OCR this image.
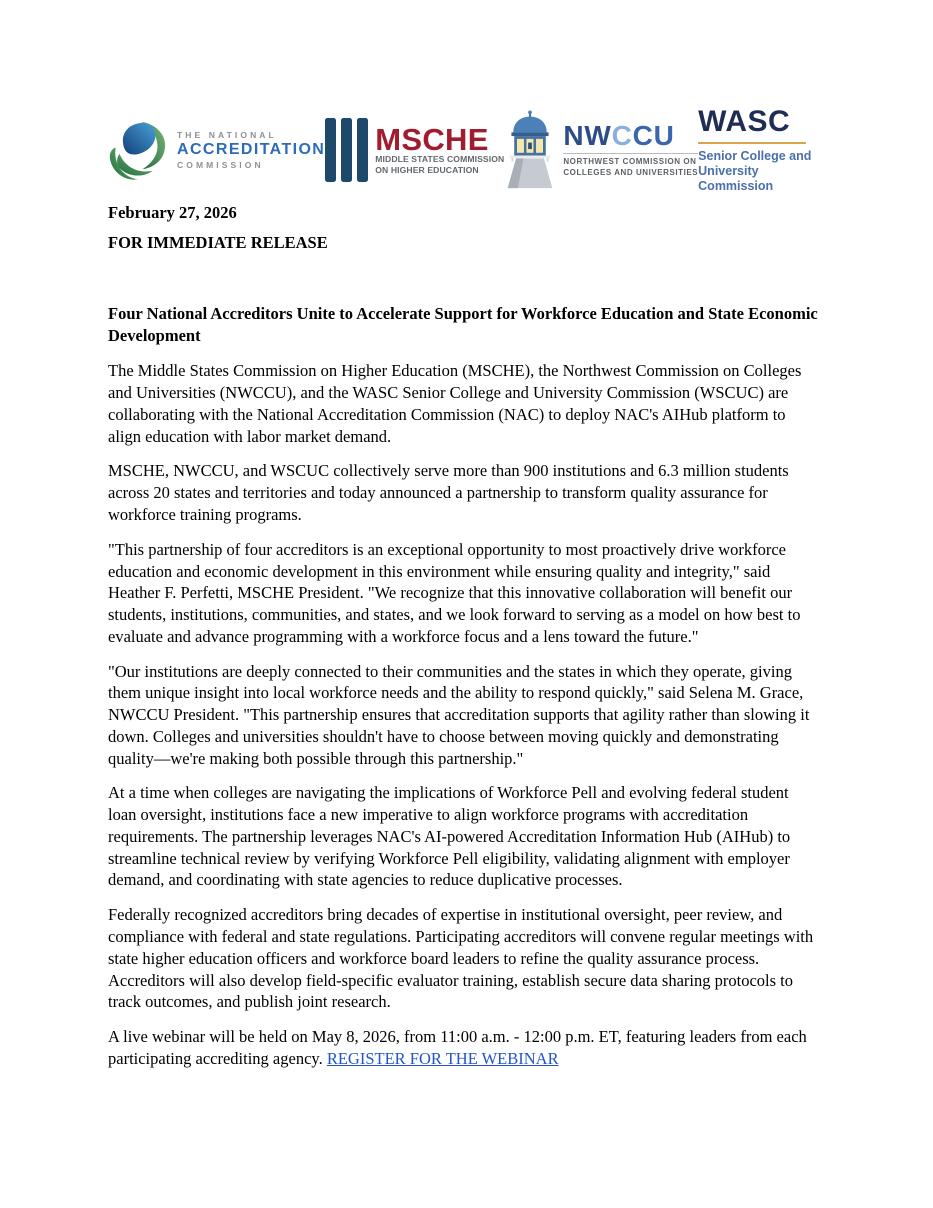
THE NATIONAL
ACCREDITATION
COMMISSION
MSCHE
MIDDLE STATES COMMISSION
ON HIGHER EDUCATION
NWCCU
NORTHWEST COMMISSION ON
COLLEGES AND UNIVERSITIES
WASC
Senior College and
University Commission
February 27, 2026
FOR IMMEDIATE RELEASE
Four National Accreditors Unite to Accelerate Support for Workforce Education and State Economic Development

The Middle States Commission on Higher Education (MSCHE), the Northwest Commission on Colleges and Universities (NWCCU), and the WASC Senior College and University Commission (WSCUC) are collaborating with the National Accreditation Commission (NAC) to deploy NAC's AIHub platform to align education with labor market demand.

MSCHE, NWCCU, and WSCUC collectively serve more than 900 institutions and 6.3 million students across 20 states and territories and today announced a partnership to transform quality assurance for workforce training programs.

"This partnership of four accreditors is an exceptional opportunity to most proactively drive workforce education and economic development in this environment while ensuring quality and integrity," said Heather F. Perfetti, MSCHE President. "We recognize that this innovative collaboration will benefit our students, institutions, communities, and states, and we look forward to serving as a model on how best to evaluate and advance programming with a workforce focus and a lens toward the future."

"Our institutions are deeply connected to their communities and the states in which they operate, giving them unique insight into local workforce needs and the ability to respond quickly," said Selena M. Grace, NWCCU President. "This partnership ensures that accreditation supports that agility rather than slowing it down. Colleges and universities shouldn't have to choose between moving quickly and demonstrating quality—we're making both possible through this partnership."

At a time when colleges are navigating the implications of Workforce Pell and evolving federal student loan oversight, institutions face a new imperative to align workforce programs with accreditation requirements. The partnership leverages NAC's AI-powered Accreditation Information Hub (AIHub) to streamline technical review by verifying Workforce Pell eligibility, validating alignment with employer demand, and coordinating with state agencies to reduce duplicative processes.

Federally recognized accreditors bring decades of expertise in institutional oversight, peer review, and compliance with federal and state regulations. Participating accreditors will convene regular meetings with state higher education officers and workforce board leaders to refine the quality assurance process. Accreditors will also develop field-specific evaluator training, establish secure data sharing protocols to track outcomes, and publish joint research.

A live webinar will be held on May 8, 2026, from 11:00 a.m. - 12:00 p.m. ET, featuring leaders from each participating accrediting agency. REGISTER FOR THE WEBINAR
